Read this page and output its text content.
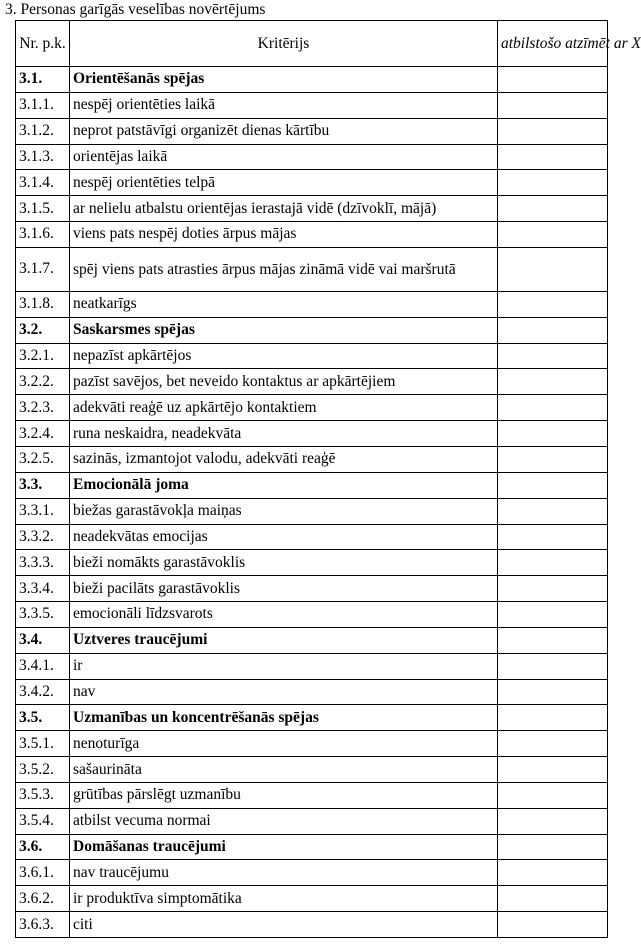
3. Personas garīgās veselības novērtējums
Nr. p.k.	Kritērijs	atbilstošo atzīmēt ar X
3.1.	Orientēšanās spējas	
3.1.1.	nespēj orientēties laikā	
3.1.2.	neprot patstāvīgi organizēt dienas kārtību	
3.1.3.	orientējas laikā	
3.1.4.	nespēj orientēties telpā	
3.1.5.	ar nelielu atbalstu orientējas ierastajā vidē (dzīvoklī, mājā)	
3.1.6.	viens pats nespēj doties ārpus mājas	
3.1.7.	spēj viens pats atrasties ārpus mājas zināmā vidē vai maršrutā	
3.1.8.	neatkarīgs	
3.2.	Saskarsmes spējas	
3.2.1.	nepazīst apkārtējos	
3.2.2.	pazīst savējos, bet neveido kontaktus ar apkārtējiem	
3.2.3.	adekvāti reaģē uz apkārtējo kontaktiem	
3.2.4.	runa neskaidra, neadekvāta	
3.2.5.	sazinās, izmantojot valodu, adekvāti reaģē	
3.3.	Emocionālā joma	
3.3.1.	biežas garastāvokļa maiņas	
3.3.2.	neadekvātas emocijas	
3.3.3.	bieži nomākts garastāvoklis	
3.3.4.	bieži pacilāts garastāvoklis	
3.3.5.	emocionāli līdzsvarots	
3.4.	Uztveres traucējumi	
3.4.1.	ir	
3.4.2.	nav	
3.5.	Uzmanības un koncentrēšanās spējas	
3.5.1.	nenoturīga	
3.5.2.	sašaurināta	
3.5.3.	grūtības pārslēgt uzmanību	
3.5.4.	atbilst vecuma normai	
3.6.	Domāšanas traucējumi	
3.6.1.	nav traucējumu	
3.6.2.	ir produktīva simptomātika	
3.6.3.	citi	
